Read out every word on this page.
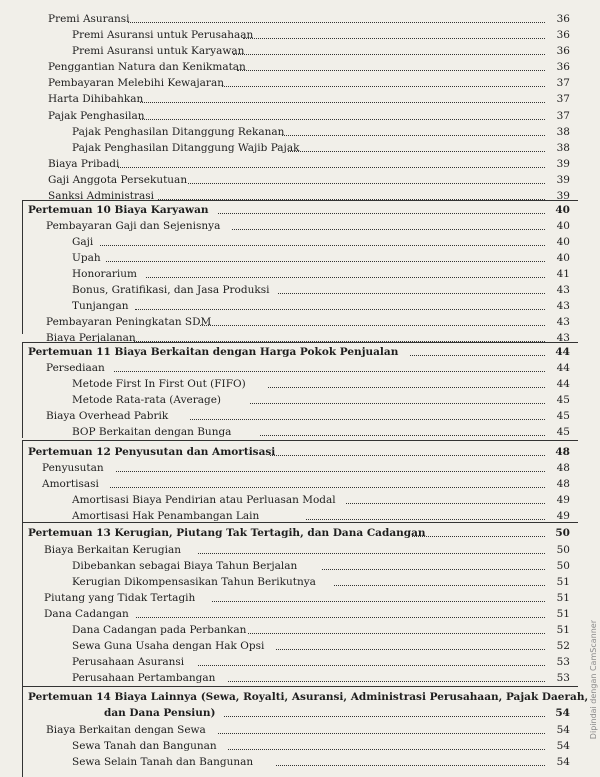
Premi Asuransi	36
Premi Asuransi untuk Perusahaan	36
Premi Asuransi untuk Karyawan	36
Penggantian Natura dan Kenikmatan	36
Pembayaran Melebihi Kewajaran	37
Harta Dihibahkan	37
Pajak Penghasilan	37
Pajak Penghasilan Ditanggung Rekanan	38
Pajak Penghasilan Ditanggung Wajib Pajak	38
Biaya Pribadi	39
Gaji Anggota Persekutuan	39
Sanksi Administrasi	39
Pertemuan 10 Biaya Karyawan	40
Pembayaran Gaji dan Sejenisnya	40
Gaji	40
Upah	40
Honorarium	41
Bonus, Gratifikasi, dan Jasa Produksi	43
Tunjangan	43
Pembayaran Peningkatan SDM	43
Biaya Perjalanan	43
Pertemuan 11 Biaya Berkaitan dengan Harga Pokok Penjualan	44
Persediaan	44
Metode First In First Out (FIFO)	44
Metode Rata-rata (Average)	45
Biaya Overhead Pabrik	45
BOP Berkaitan dengan Bunga	45
Pertemuan 12 Penyusutan dan Amortisasi	48
Penyusutan	48
Amortisasi	48
Amortisasi Biaya Pendirian atau Perluasan Modal	49
Amortisasi Hak Penambangan Lain	49
Pertemuan 13 Kerugian, Piutang Tak Tertagih, dan Dana Cadangan	50
Biaya Berkaitan Kerugian	50
Dibebankan sebagai Biaya Tahun Berjalan	50
Kerugian Dikompensasikan Tahun Berikutnya	51
Piutang yang Tidak Tertagih	51
Dana Cadangan	51
Dana Cadangan pada Perbankan	51
Sewa Guna Usaha dengan Hak Opsi	52
Perusahaan Asuransi	53
Perusahaan Pertambangan	53
Pertemuan 14 Biaya Lainnya (Sewa, Royalti, Asuransi, Administrasi Perusahaan, Pajak Daerah,
dan Dana Pensiun)	54
Biaya Berkaitan dengan Sewa	54
Sewa Tanah dan Bangunan	54
Sewa Selain Tanah dan Bangunan	54
Dipindai dengan CamScanner
